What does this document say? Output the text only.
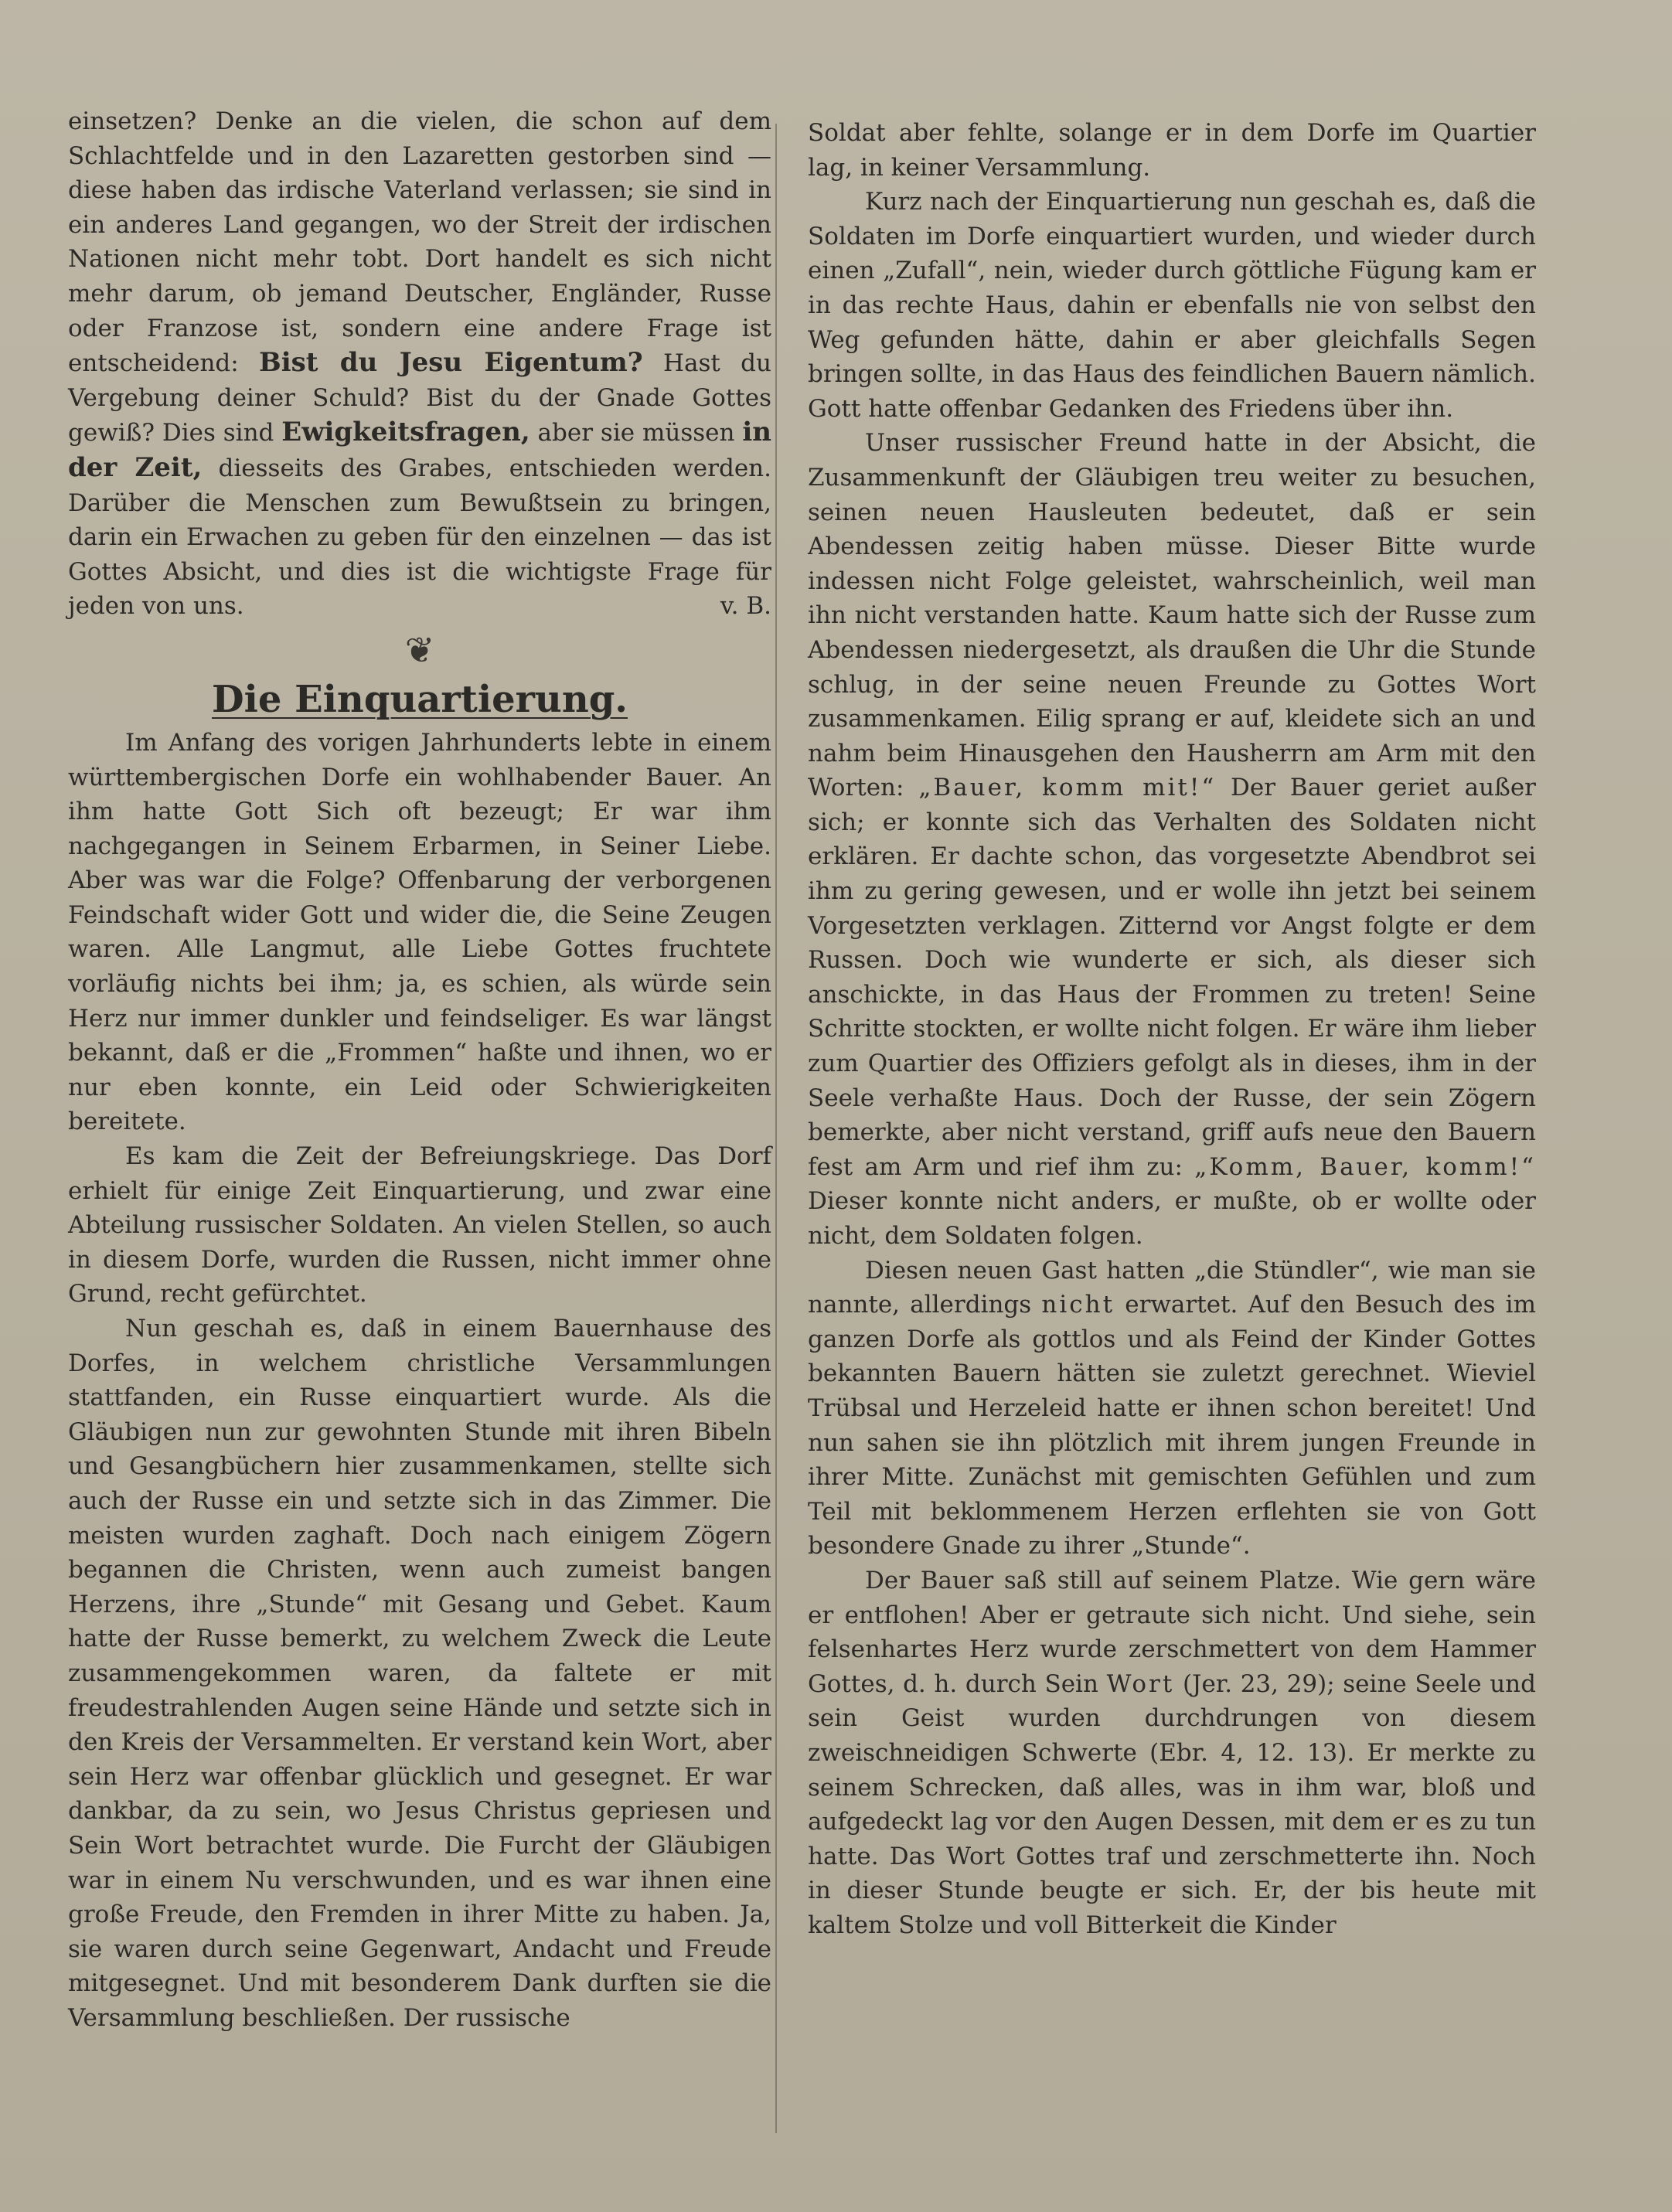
einsetzen? Denke an die vielen, die schon auf dem Schlachtfelde und in den Lazaretten gestorben sind — diese haben das irdische Vaterland verlassen; sie sind in ein anderes Land gegangen, wo der Streit der irdischen Nationen nicht mehr tobt. Dort handelt es sich nicht mehr darum, ob jemand Deutscher, Engländer, Russe oder Franzose ist, sondern eine andere Frage ist entscheidend: Bist du Jesu Eigentum? Hast du Vergebung deiner Schuld? Bist du der Gnade Gottes gewiß? Dies sind Ewigkeitsfragen, aber sie müssen in der Zeit, diesseits des Grabes, entschieden werden. Darüber die Menschen zum Bewußtsein zu bringen, darin ein Erwachen zu geben für den einzelnen — das ist Gottes Absicht, und dies ist die wichtigste Frage für jeden von uns.	v. B.

❦
Die Einquartierung.

Im Anfang des vorigen Jahrhunderts lebte in einem württembergischen Dorfe ein wohlhabender Bauer. An ihm hatte Gott Sich oft bezeugt; Er war ihm nachgegangen in Seinem Erbarmen, in Seiner Liebe. Aber was war die Folge? Offenbarung der verborgenen Feindschaft wider Gott und wider die, die Seine Zeugen waren. Alle Langmut, alle Liebe Gottes fruchtete vorläufig nichts bei ihm; ja, es schien, als würde sein Herz nur immer dunkler und feindseliger. Es war längst bekannt, daß er die „Frommen“ haßte und ihnen, wo er nur eben konnte, ein Leid oder Schwierigkeiten bereitete.

Es kam die Zeit der Befreiungskriege. Das Dorf erhielt für einige Zeit Einquartierung, und zwar eine Abteilung russischer Soldaten. An vielen Stellen, so auch in diesem Dorfe, wurden die Russen, nicht immer ohne Grund, recht gefürchtet.

Nun geschah es, daß in einem Bauernhause des Dorfes, in welchem christliche Versammlungen stattfanden, ein Russe einquartiert wurde. Als die Gläubigen nun zur gewohnten Stunde mit ihren Bibeln und Gesangbüchern hier zusammenkamen, stellte sich auch der Russe ein und setzte sich in das Zimmer. Die meisten wurden zaghaft. Doch nach einigem Zögern begannen die Christen, wenn auch zumeist bangen Herzens, ihre „Stunde“ mit Gesang und Gebet. Kaum hatte der Russe bemerkt, zu welchem Zweck die Leute zusammengekommen waren, da faltete er mit freudestrahlenden Augen seine Hände und setzte sich in den Kreis der Versammelten. Er verstand kein Wort, aber sein Herz war offenbar glücklich und gesegnet. Er war dankbar, da zu sein, wo Jesus Christus gepriesen und Sein Wort betrachtet wurde. Die Furcht der Gläubigen war in einem Nu verschwunden, und es war ihnen eine große Freude, den Fremden in ihrer Mitte zu haben. Ja, sie waren durch seine Gegenwart, Andacht und Freude mitgesegnet. Und mit besonderem Dank durften sie die Versammlung beschließen. Der russische

Soldat aber fehlte, solange er in dem Dorfe im Quartier lag, in keiner Versammlung.

Kurz nach der Einquartierung nun geschah es, daß die Soldaten im Dorfe einquartiert wurden, und wieder durch einen „Zufall“, nein, wieder durch göttliche Fügung kam er in das rechte Haus, dahin er ebenfalls nie von selbst den Weg gefunden hätte, dahin er aber gleichfalls Segen bringen sollte, in das Haus des feindlichen Bauern nämlich. Gott hatte offenbar Gedanken des Friedens über ihn.

Unser russischer Freund hatte in der Absicht, die Zusammenkunft der Gläubigen treu weiter zu besuchen, seinen neuen Hausleuten bedeutet, daß er sein Abendessen zeitig haben müsse. Dieser Bitte wurde indessen nicht Folge geleistet, wahrscheinlich, weil man ihn nicht verstanden hatte. Kaum hatte sich der Russe zum Abendessen niedergesetzt, als draußen die Uhr die Stunde schlug, in der seine neuen Freunde zu Gottes Wort zusammenkamen. Eilig sprang er auf, kleidete sich an und nahm beim Hinausgehen den Hausherrn am Arm mit den Worten: „Bauer, komm mit!“ Der Bauer geriet außer sich; er konnte sich das Verhalten des Soldaten nicht erklären. Er dachte schon, das vorgesetzte Abendbrot sei ihm zu gering gewesen, und er wolle ihn jetzt bei seinem Vorgesetzten verklagen. Zitternd vor Angst folgte er dem Russen. Doch wie wunderte er sich, als dieser sich anschickte, in das Haus der Frommen zu treten! Seine Schritte stockten, er wollte nicht folgen. Er wäre ihm lieber zum Quartier des Offiziers gefolgt als in dieses, ihm in der Seele verhaßte Haus. Doch der Russe, der sein Zögern bemerkte, aber nicht verstand, griff aufs neue den Bauern fest am Arm und rief ihm zu: „Komm, Bauer, komm!“ Dieser konnte nicht anders, er mußte, ob er wollte oder nicht, dem Soldaten folgen.

Diesen neuen Gast hatten „die Stündler“, wie man sie nannte, allerdings nicht erwartet. Auf den Besuch des im ganzen Dorfe als gottlos und als Feind der Kinder Gottes bekannten Bauern hätten sie zuletzt gerechnet. Wieviel Trübsal und Herzeleid hatte er ihnen schon bereitet! Und nun sahen sie ihn plötzlich mit ihrem jungen Freunde in ihrer Mitte. Zunächst mit gemischten Gefühlen und zum Teil mit beklommenem Herzen erflehten sie von Gott besondere Gnade zu ihrer „Stunde“.

Der Bauer saß still auf seinem Platze. Wie gern wäre er entflohen! Aber er getraute sich nicht. Und siehe, sein felsenhartes Herz wurde zerschmettert von dem Hammer Gottes, d. h. durch Sein Wort (Jer. 23, 29); seine Seele und sein Geist wurden durchdrungen von diesem zweischneidigen Schwerte (Ebr. 4, 12. 13). Er merkte zu seinem Schrecken, daß alles, was in ihm war, bloß und aufgedeckt lag vor den Augen Dessen, mit dem er es zu tun hatte. Das Wort Gottes traf und zerschmetterte ihn. Noch in dieser Stunde beugte er sich. Er, der bis heute mit kaltem Stolze und voll Bitterkeit die Kinder
